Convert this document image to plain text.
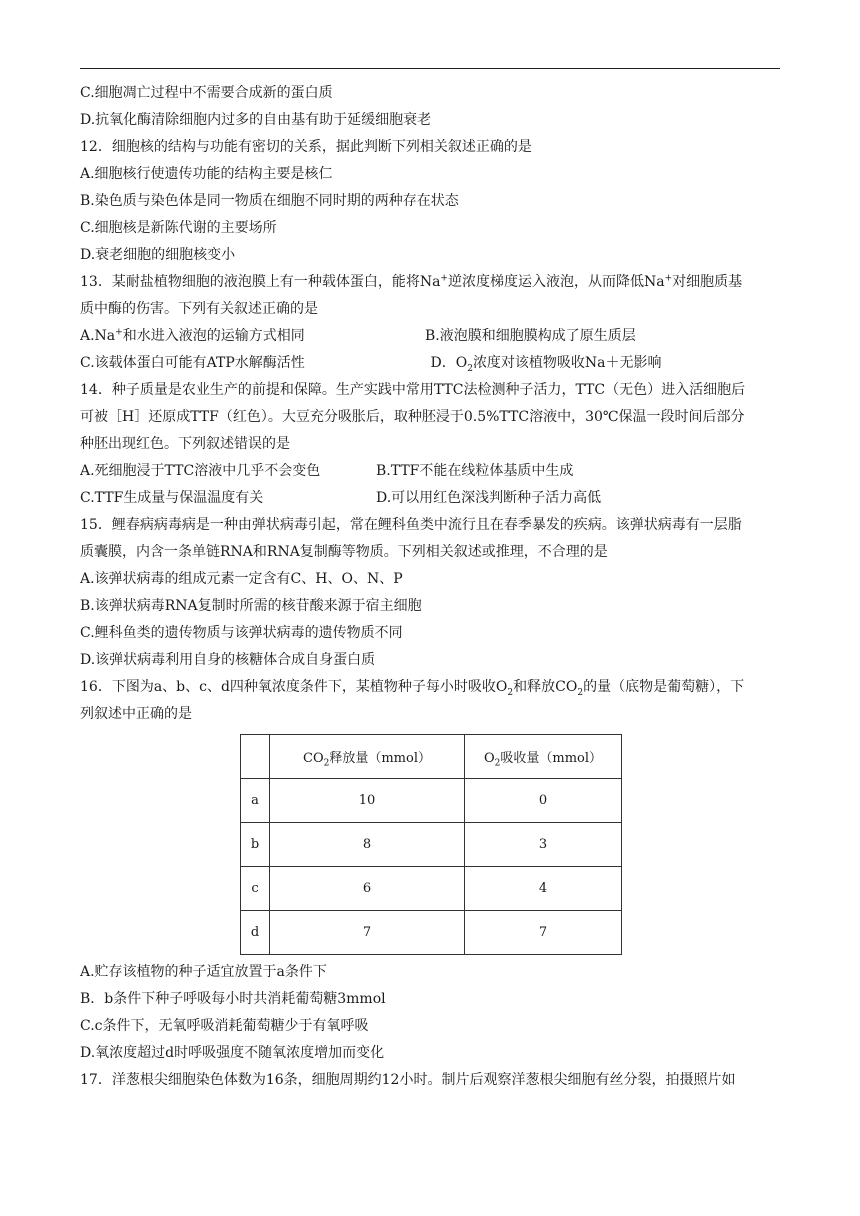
C.细胞凋亡过程中不需要合成新的蛋白质
D.抗氧化酶清除细胞内过多的自由基有助于延缓细胞衰老
12．细胞核的结构与功能有密切的关系，据此判断下列相关叙述正确的是
A.细胞核行使遗传功能的结构主要是核仁
B.染色质与染色体是同一物质在细胞不同时期的两种存在状态
C.细胞核是新陈代谢的主要场所
D.衰老细胞的细胞核变小
13．某耐盐植物细胞的液泡膜上有一种载体蛋白，能将Na+逆浓度梯度运入液泡，从而降低Na+对细胞质基
质中酶的伤害。下列有关叙述正确的是
A.Na+和水进入液泡的运输方式相同	B.液泡膜和细胞膜构成了原生质层
C.该载体蛋白可能有ATP水解酶活性	D．$O_2$浓度对该植物吸收Na＋无影响
14．种子质量是农业生产的前提和保障。生产实践中常用TTC法检测种子活力，TTC（无色）进入活细胞后
可被［H］还原成TTF（红色）。大豆充分吸胀后，取种胚浸于0.5%TTC溶液中，30℃保温一段时间后部分
种胚出现红色。下列叙述错误的是
A.死细胞浸于TTC溶液中几乎不会变色	B.TTF不能在线粒体基质中生成
C.TTF生成量与保温温度有关	D.可以用红色深浅判断种子活力高低
15．鲤春病病毒病是一种由弹状病毒引起，常在鲤科鱼类中流行且在春季暴发的疾病。该弹状病毒有一层脂
质囊膜，内含一条单链RNA和RNA复制酶等物质。下列相关叙述或推理，不合理的是
A.该弹状病毒的组成元素一定含有C、H、O、N、P
B.该弹状病毒RNA复制时所需的核苷酸来源于宿主细胞
C.鲤科鱼类的遗传物质与该弹状病毒的遗传物质不同
D.该弹状病毒利用自身的核糖体合成自身蛋白质
16．下图为a、b、c、d四种氧浓度条件下，某植物种子每小时吸收$O_2$和释放$CO_2$的量（底物是葡萄糖），下
列叙述中正确的是
	$CO_2$释放量（mmol）	$O_2$吸收量（mmol）
a	10	0
b	8	3
c	6	4
d	7	7
A.贮存该植物的种子适宜放置于a条件下
B．b条件下种子呼吸每小时共消耗葡萄糖3mmol
C.c条件下，无氧呼吸消耗葡萄糖少于有氧呼吸
D.氧浓度超过d时呼吸强度不随氧浓度增加而变化
17．洋葱根尖细胞染色体数为16条，细胞周期约12小时。制片后观察洋葱根尖细胞有丝分裂，拍摄照片如
